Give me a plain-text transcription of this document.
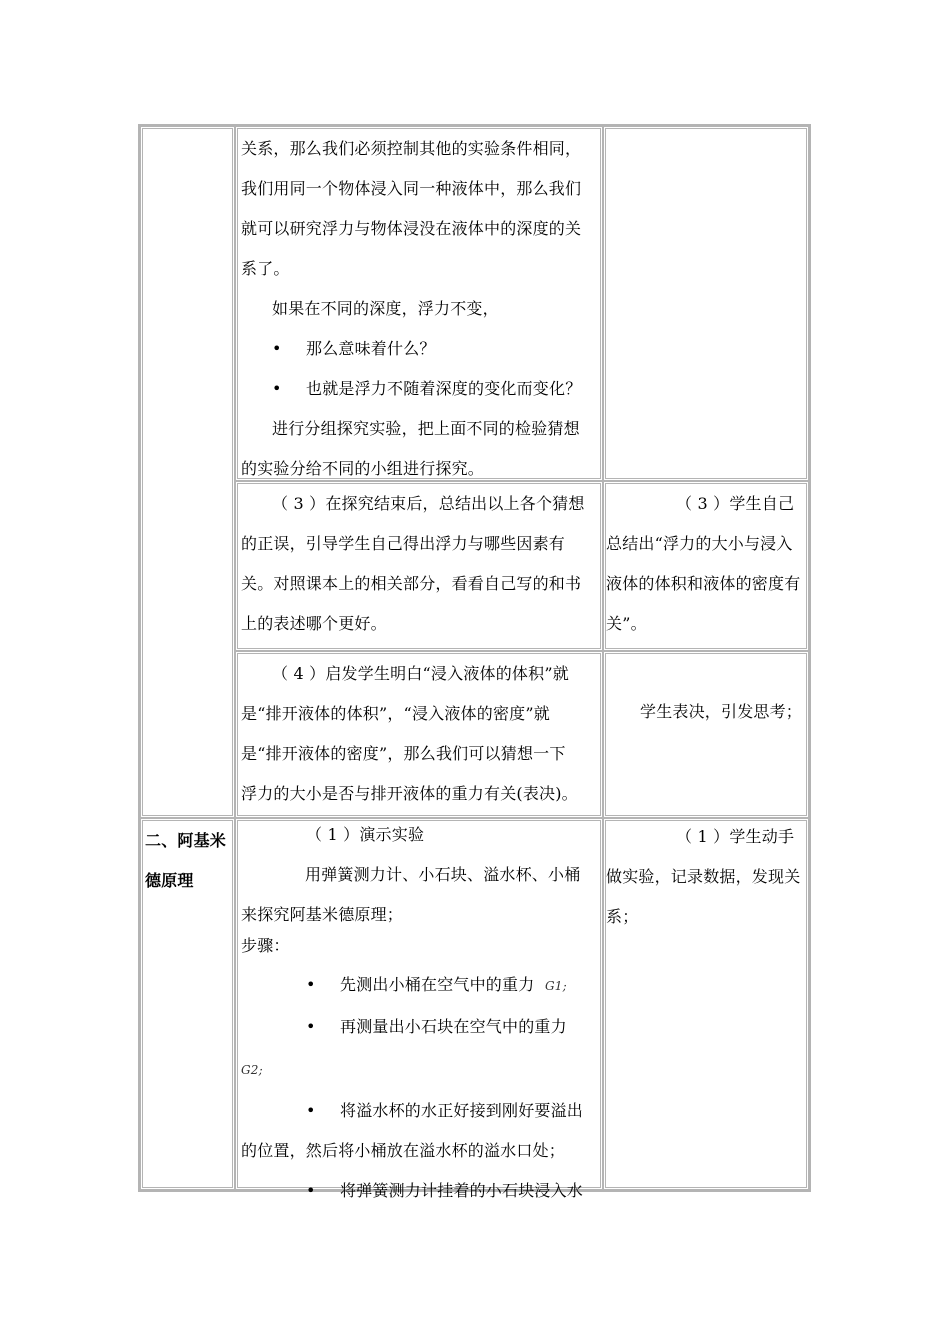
关系，那么我们必须控制其他的实验条件相同，
我们用同一个物体浸入同一种液体中，那么我们
就可以研究浮力与物体浸没在液体中的深度的关
系了。
如果在不同的深度，浮力不变，
• 那么意味着什么？
• 也就是浮力不随着深度的变化而变化？
进行分组探究实验，把上面不同的检验猜想
的实验分给不同的小组进行探究。
（ 3 ）在探究结束后，总结出以上各个猜想
的正误，引导学生自己得出浮力与哪些因素有
关。对照课本上的相关部分，看看自己写的和书
上的表述哪个更好。
（ 3 ）学生自己
总结出“浮力的大小与浸入
液体的体积和液体的密度有
关”。
（ 4 ）启发学生明白“浸入液体的体积”就
是“排开液体的体积”，“浸入液体的密度”就
是“排开液体的密度”，那么我们可以猜想一下
浮力的大小是否与排开液体的重力有关(表决)。
学生表决，引发思考；
二、阿基米
德原理
（ 1 ）演示实验
用弹簧测力计、小石块、溢水杯、小桶
来探究阿基米德原理；
步骤：
• 先测出小桶在空气中的重力 G1;
• 再测量出小石块在空气中的重力
G2;
• 将溢水杯的水正好接到刚好要溢出
的位置，然后将小桶放在溢水杯的溢水口处；
• 将弹簧测力计挂着的小石块浸入水
（ 1 ）学生动手
做实验，记录数据，发现关
系；
